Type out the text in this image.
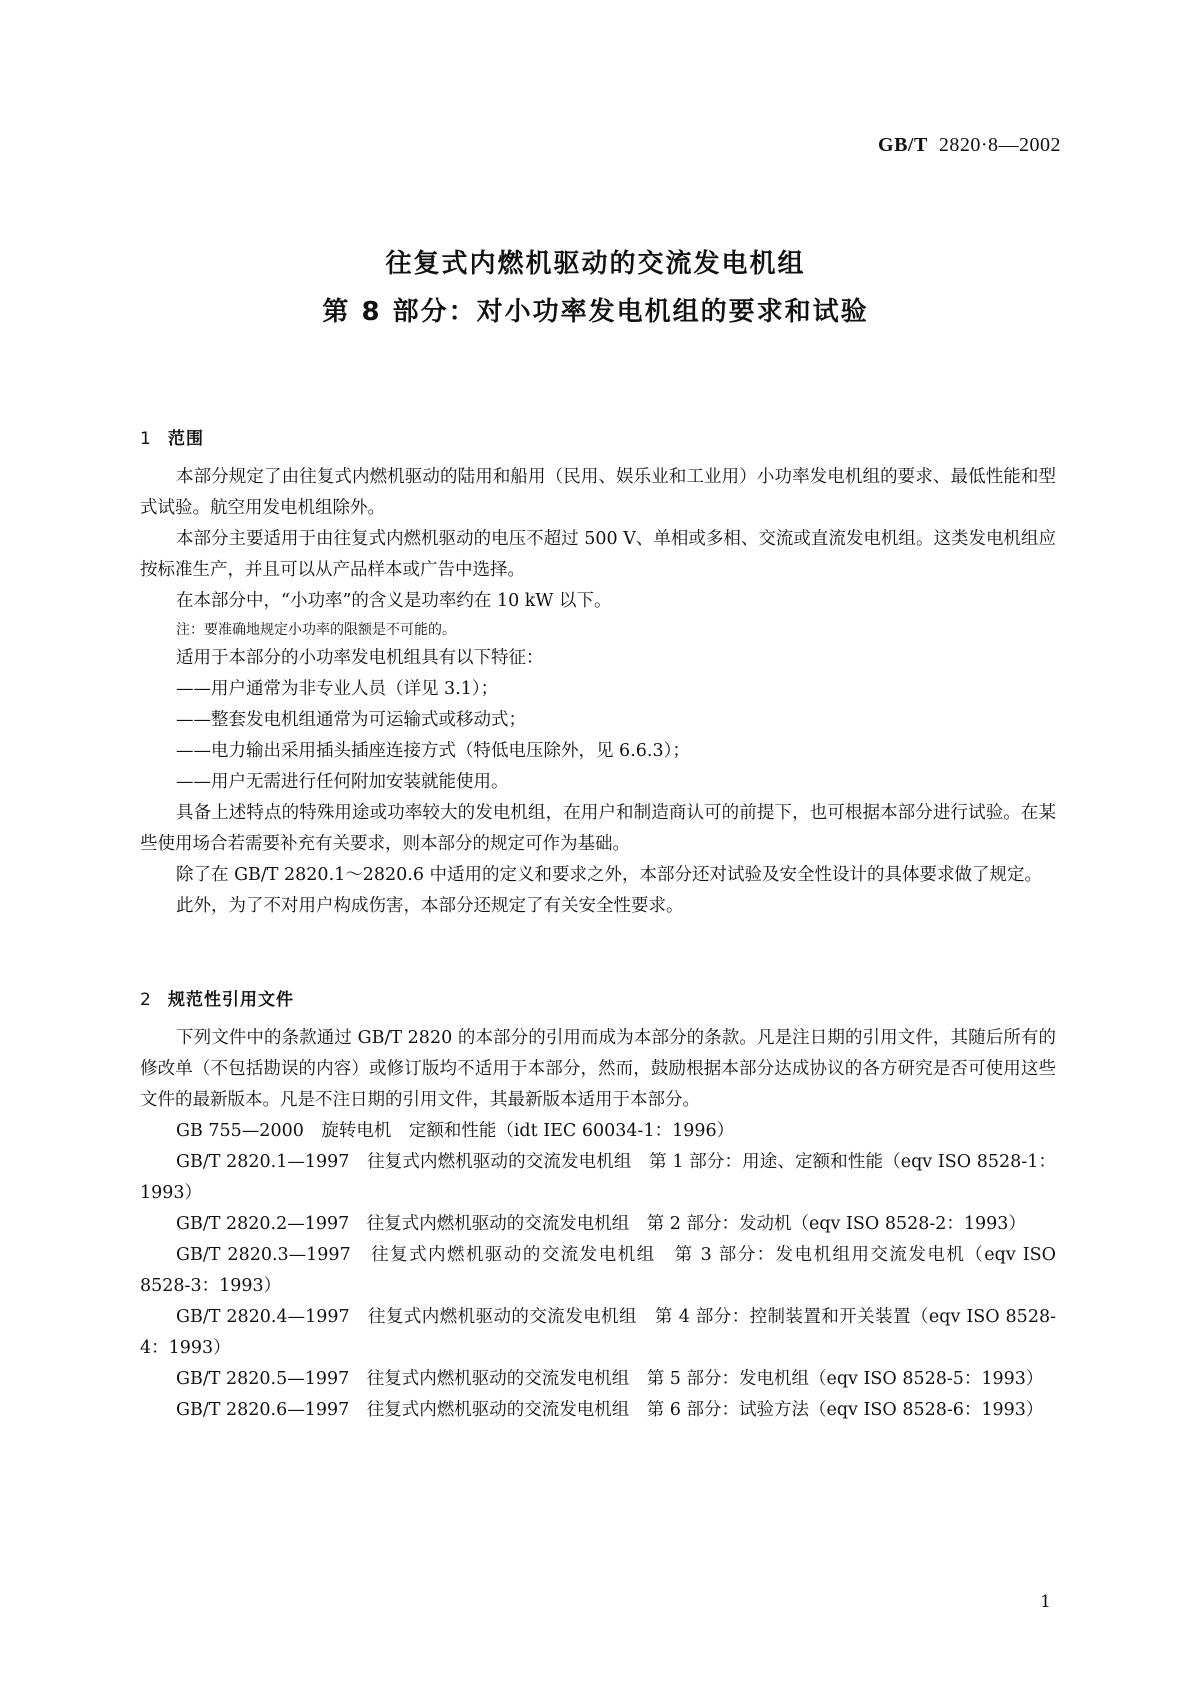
GB/T 2820·8—2002
往复式内燃机驱动的交流发电机组
第 8 部分：对小功率发电机组的要求和试验
1 范围

本部分规定了由往复式内燃机驱动的陆用和船用（民用、娱乐业和工业用）小功率发电机组的要求、最低性能和型式试验。航空用发电机组除外。

本部分主要适用于由往复式内燃机驱动的电压不超过 500 V、单相或多相、交流或直流发电机组。这类发电机组应按标准生产，并且可以从产品样本或广告中选择。

在本部分中，“小功率”的含义是功率约在 10 kW 以下。

注：要准确地规定小功率的限额是不可能的。

适用于本部分的小功率发电机组具有以下特征：

——用户通常为非专业人员（详见 3.1）；

——整套发电机组通常为可运输式或移动式；

——电力输出采用插头插座连接方式（特低电压除外，见 6.6.3）；

——用户无需进行任何附加安装就能使用。

具备上述特点的特殊用途或功率较大的发电机组，在用户和制造商认可的前提下，也可根据本部分进行试验。在某些使用场合若需要补充有关要求，则本部分的规定可作为基础。

除了在 GB/T 2820.1～2820.6 中适用的定义和要求之外，本部分还对试验及安全性设计的具体要求做了规定。

此外，为了不对用户构成伤害，本部分还规定了有关安全性要求。

2 规范性引用文件

下列文件中的条款通过 GB/T 2820 的本部分的引用而成为本部分的条款。凡是注日期的引用文件，其随后所有的修改单（不包括勘误的内容）或修订版均不适用于本部分，然而，鼓励根据本部分达成协议的各方研究是否可使用这些文件的最新版本。凡是不注日期的引用文件，其最新版本适用于本部分。

GB 755—2000　旋转电机　定额和性能（idt IEC 60034-1：1996）

GB/T 2820.1—1997　往复式内燃机驱动的交流发电机组　第 1 部分：用途、定额和性能（eqv ISO 8528-1：1993）

GB/T 2820.2—1997　往复式内燃机驱动的交流发电机组　第 2 部分：发动机（eqv ISO 8528-2：1993）

GB/T 2820.3—1997　往复式内燃机驱动的交流发电机组　第 3 部分：发电机组用交流发电机（eqv ISO 8528-3：1993）

GB/T 2820.4—1997　往复式内燃机驱动的交流发电机组　第 4 部分：控制装置和开关装置（eqv ISO 8528-4：1993）

GB/T 2820.5—1997　往复式内燃机驱动的交流发电机组　第 5 部分：发电机组（eqv ISO 8528-5：1993）

GB/T 2820.6—1997　往复式内燃机驱动的交流发电机组　第 6 部分：试验方法（eqv ISO 8528-6：1993）

1
